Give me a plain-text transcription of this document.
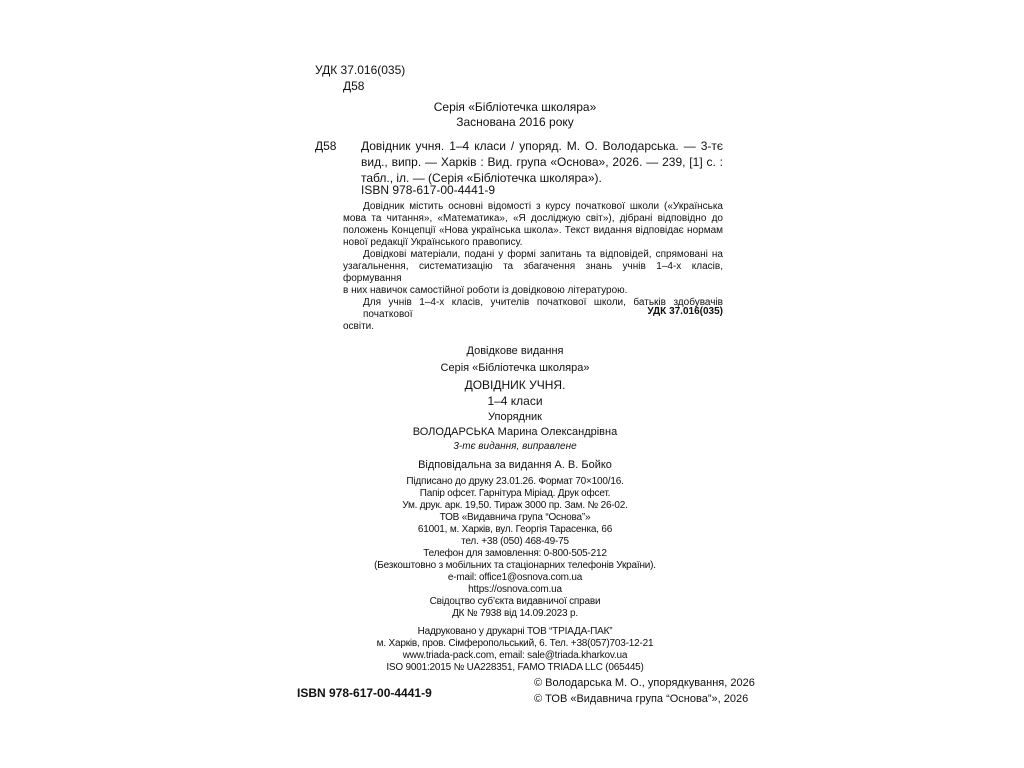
УДК 37.016(035)
Д58
Серія «Бібліотечка школяра»
Заснована 2016 року
Д58 Довідник учня. 1–4 класи / упоряд. М. О. Володарська. — 3-тє
вид., випр. — Харків : Вид. група «Основа», 2026. — 239, [1] с. :
табл., іл. — (Серія «Бібліотечка школяра»).
ISBN 978-617-00-4441-9
Довідник містить основні відомості з курсу початкової школи («Українська
мова та читання», «Математика», «Я досліджую світ»), дібрані відповідно до
положень Концепції «Нова українська школа». Текст видання відповідає нормам
нової редакції Українського правопису.
Довідкові матеріали, подані у формі запитань та відповідей, спрямовані на
узагальнення, систематизацію та збагачення знань учнів 1–4-х класів, формування
в них навичок самостійної роботи із довідковою літературою.
Для учнів 1–4-х класів, учителів початкової школи, батьків здобувачів початкової
освіти.
УДК 37.016(035)
Довідкове видання
Серія «Бібліотечка школяра»
ДОВІДНИК УЧНЯ.
1–4 класи
Упорядник
ВОЛОДАРСЬКА Марина Олександрівна
3-тє видання, виправлене
Відповідальна за видання А. В. Бойко
Підписано до друку 23.01.26. Формат 70×100/16.
Папір офсет. Гарнітура Міріад. Друк офсет.
Ум. друк. арк. 19,50. Тираж 3000 пр. Зам. № 26-02.
ТОВ «Видавнича група “Основа”»
61001, м. Харків, вул. Георгія Тарасенка, 66
тел. +38 (050) 468-49-75
Телефон для замовлення: 0-800-505-212
(Безкоштовно з мобільних та стаціонарних телефонів України).
e-mail: office1@osnova.com.ua
https://osnova.com.ua
Свідоцтво суб’єкта видавничої справи
ДК № 7938 від 14.09.2023 р.
Надруковано у друкарні ТОВ “ТРІАДА-ПАК”
м. Харків, пров. Сімферопольський, 6. Тел. +38(057)703-12-21
www.triada-pack.com, email: sale@triada.kharkov.ua
ISO 9001:2015 № UA228351, FAMO TRIADA LLC (065445)
ISBN 978-617-00-4441-9
© Володарська М. О., упорядкування, 2026
© ТОВ «Видавнича група “Основа”», 2026
